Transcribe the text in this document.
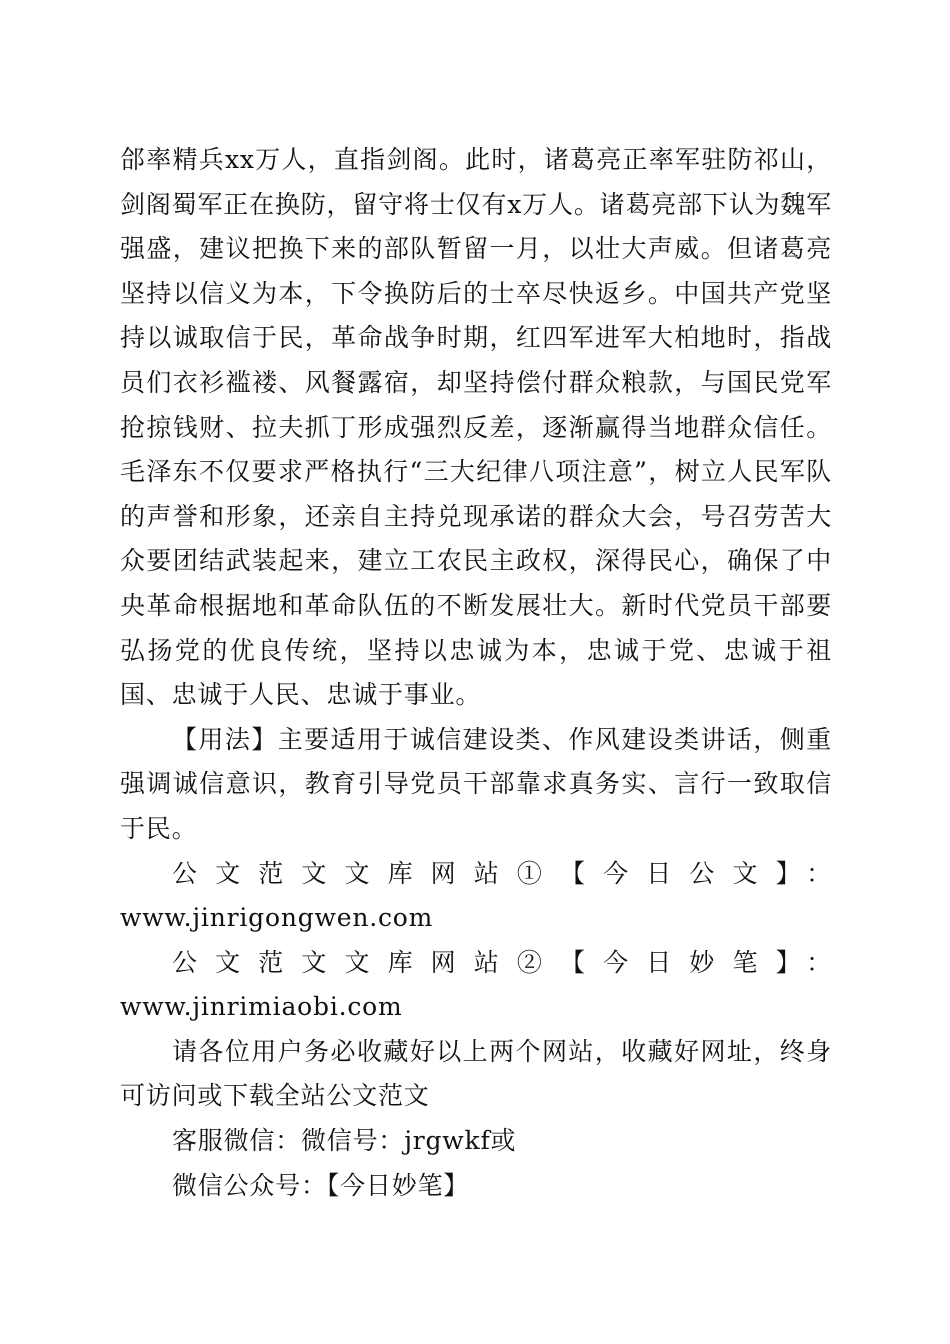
郃率精兵xx万人，直指剑阁。此时，诸葛亮正率军驻防祁山，剑阁蜀军正在换防，留守将士仅有x万人。诸葛亮部下认为魏军强盛，建议把换下来的部队暂留一月，以壮大声威。但诸葛亮坚持以信义为本，下令换防后的士卒尽快返乡。中国共产党坚持以诚取信于民，革命战争时期，红四军进军大柏地时，指战员们衣衫褴褛、风餐露宿，却坚持偿付群众粮款，与国民党军抢掠钱财、拉夫抓丁形成强烈反差，逐渐赢得当地群众信任。毛泽东不仅要求严格执行“三大纪律八项注意”，树立人民军队的声誉和形象，还亲自主持兑现承诺的群众大会，号召劳苦大众要团结武装起来，建立工农民主政权，深得民心，确保了中央革命根据地和革命队伍的不断发展壮大。新时代党员干部要弘扬党的优良传统，坚持以忠诚为本，忠诚于党、忠诚于祖国、忠诚于人民、忠诚于事业。

【用法】主要适用于诚信建设类、作风建设类讲话，侧重强调诚信意识，教育引导党员干部靠求真务实、言行一致取信于民。

公文范文文库网站①【今日公文】：

www.jinrigongwen.com

公文范文文库网站②【今日妙笔】：www.jinrimiaobi.com

请各位用户务必收藏好以上两个网站，收藏好网址，终身可访问或下载全站公文范文

客服微信：微信号：jrgwkf或

微信公众号：【今日妙笔】
